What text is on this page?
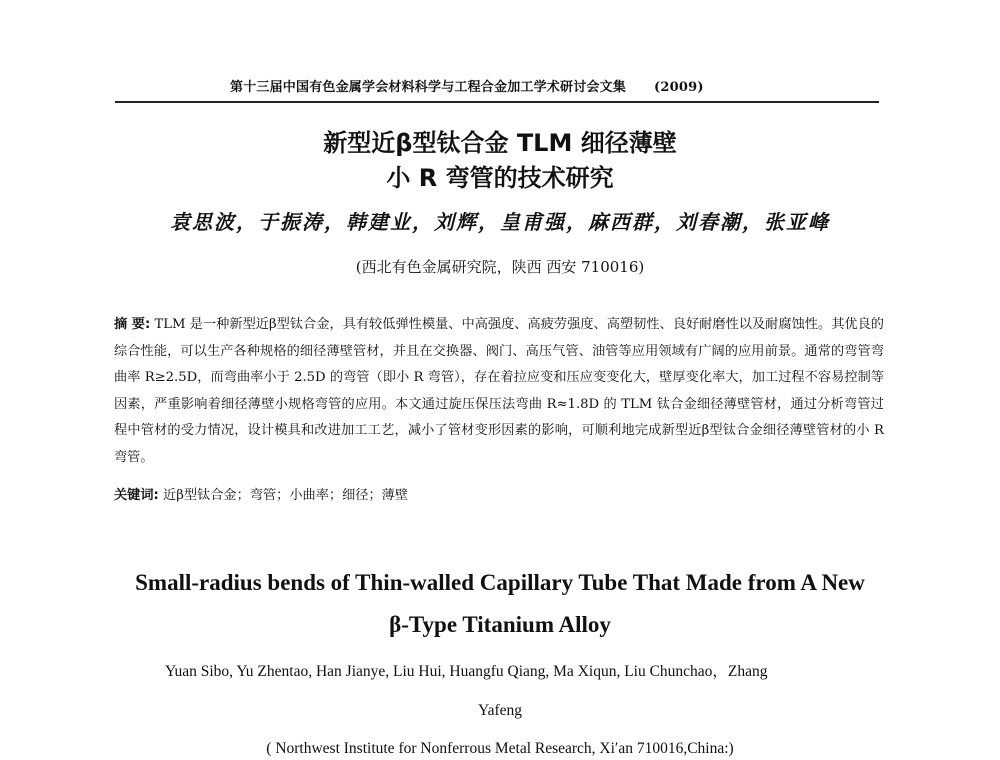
第十三届中国有色金属学会材料科学与工程合金加工学术研讨会文集 (2009)
新型近β型钛合金 TLM 细径薄壁
小 R 弯管的技术研究
袁思波，于振涛，韩建业，刘辉，皇甫强，麻西群，刘春潮，张亚峰
(西北有色金属研究院，陕西 西安 710016)
摘 要: TLM 是一种新型近β型钛合金，具有较低弹性模量、中高强度、高疲劳强度、高塑韧性、良好耐磨性以及耐腐蚀性。其优良的综合性能，可以生产各种规格的细径薄壁管材，并且在交换器、阀门、高压气管、油管等应用领域有广阔的应用前景。通常的弯管弯曲率 R≥2.5D，而弯曲率小于 2.5D 的弯管（即小 R 弯管），存在着拉应变和压应变变化大，壁厚变化率大，加工过程不容易控制等因素，严重影响着细径薄壁小规格弯管的应用。本文通过旋压保压法弯曲 R≈1.8D 的 TLM 钛合金细径薄壁管材，通过分析弯管过程中管材的受力情况，设计模具和改进加工工艺，减小了管材变形因素的影响，可顺利地完成新型近β型钛合金细径薄壁管材的小 R 弯管。
关键词: 近β型钛合金；弯管；小曲率；细径；薄壁
Small-radius bends of Thin-walled Capillary Tube That Made from A New
β-Type Titanium Alloy
Yuan Sibo, Yu Zhentao, Han Jianye, Liu Hui, Huangfu Qiang, Ma Xiqun, Liu Chunchao，Zhang
Yafeng
( Northwest Institute for Nonferrous Metal Research, Xi′an 710016,China:)
